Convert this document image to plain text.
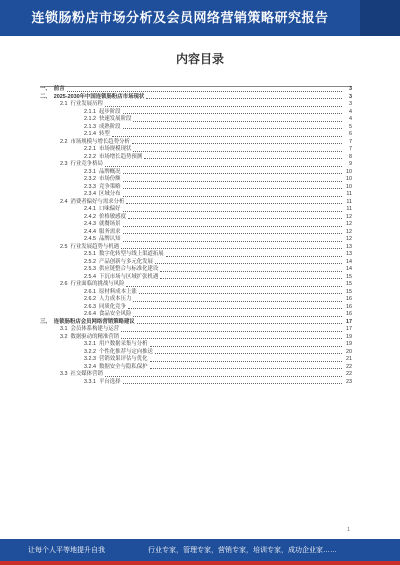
连锁肠粉店市场分析及会员网络营销策略研究报告
内容目录
一、 前言	3
二、 2025-2030年中国连锁肠粉店市场现状	3
2.1 行业发展历程	3
2.1.1 起步阶段	4
2.1.2 快速发展阶段	4
2.1.3 成熟阶段	5
2.1.4 转型	6
2.2 市场规模与增长趋势分析	7
2.2.1 市场规模现状	7
2.2.2 市场增长趋势预测	8
2.3 行业竞争格局	9
2.3.1 品牌概况	10
2.3.2 市场份额	10
2.3.3 竞争策略	10
2.3.4 区域分布	11
2.4 消费者偏好与需求分析	11
2.4.1 口味偏好	11
2.4.2 价格敏感度	12
2.4.3 就餐场景	12
2.4.4 服务需求	12
2.4.5 品牌认知	12
2.5 行业发展趋势与机遇	13
2.5.1 数字化转型与线上渠道拓展	13
2.5.2 产品创新与多元化发展	14
2.5.3 供应链整合与标准化建设	14
2.5.4 下沉市场与区域扩张机遇	15
2.6 行业面临的挑战与风险	15
2.6.1 原材料成本上涨	15
2.6.2 人力成本压力	16
2.6.3 同质化竞争	16
2.6.4 食品安全风险	16
三、 连锁肠粉店会员网络营销策略建议	17
3.1 会员体系构建与运营	17
3.2 数据驱动的精准营销	19
3.2.1 用户数据采集与分析	19
3.2.2 个性化推荐与定向推送	20
3.2.3 营销效果评估与优化	21
3.2.4 数据安全与隐私保护	22
3.3 社交媒体营销	22
3.3.1 平台选择	23
1
让每个人平等地提升自我	行业专家，管理专家，营销专家，培训专家，成功企业家……
